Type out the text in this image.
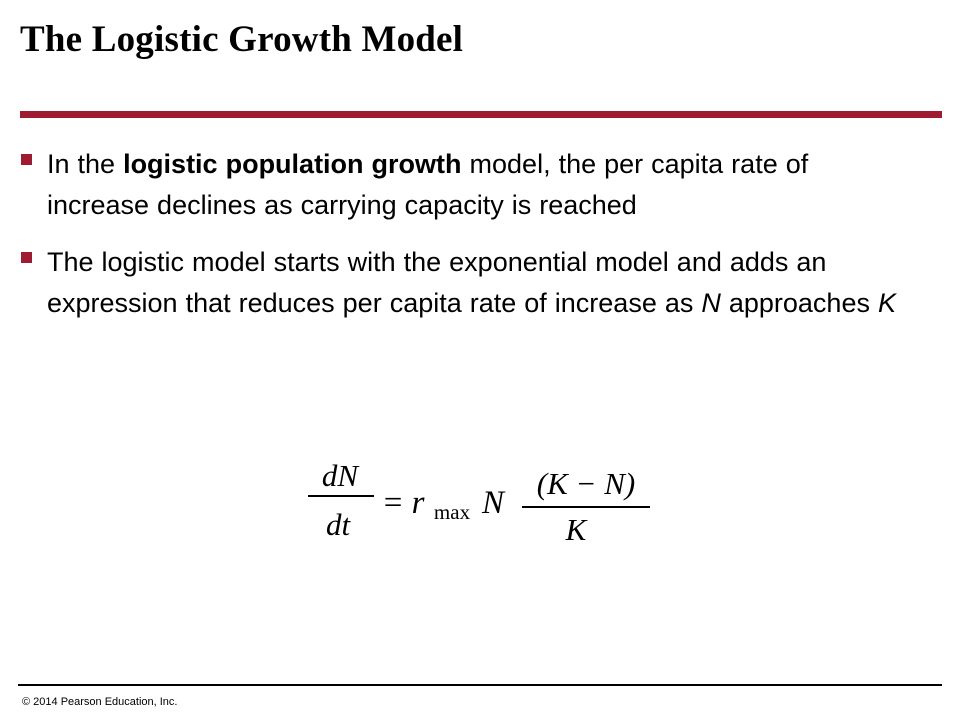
The Logistic Growth Model
In the logistic population growth model, the per capita rate of increase declines as carrying capacity is reached
The logistic model starts with the exponential model and adds an expression that reduces per capita rate of increase as N approaches K
dN
dt
= r max N
(K − N)
K
© 2014 Pearson Education, Inc.
